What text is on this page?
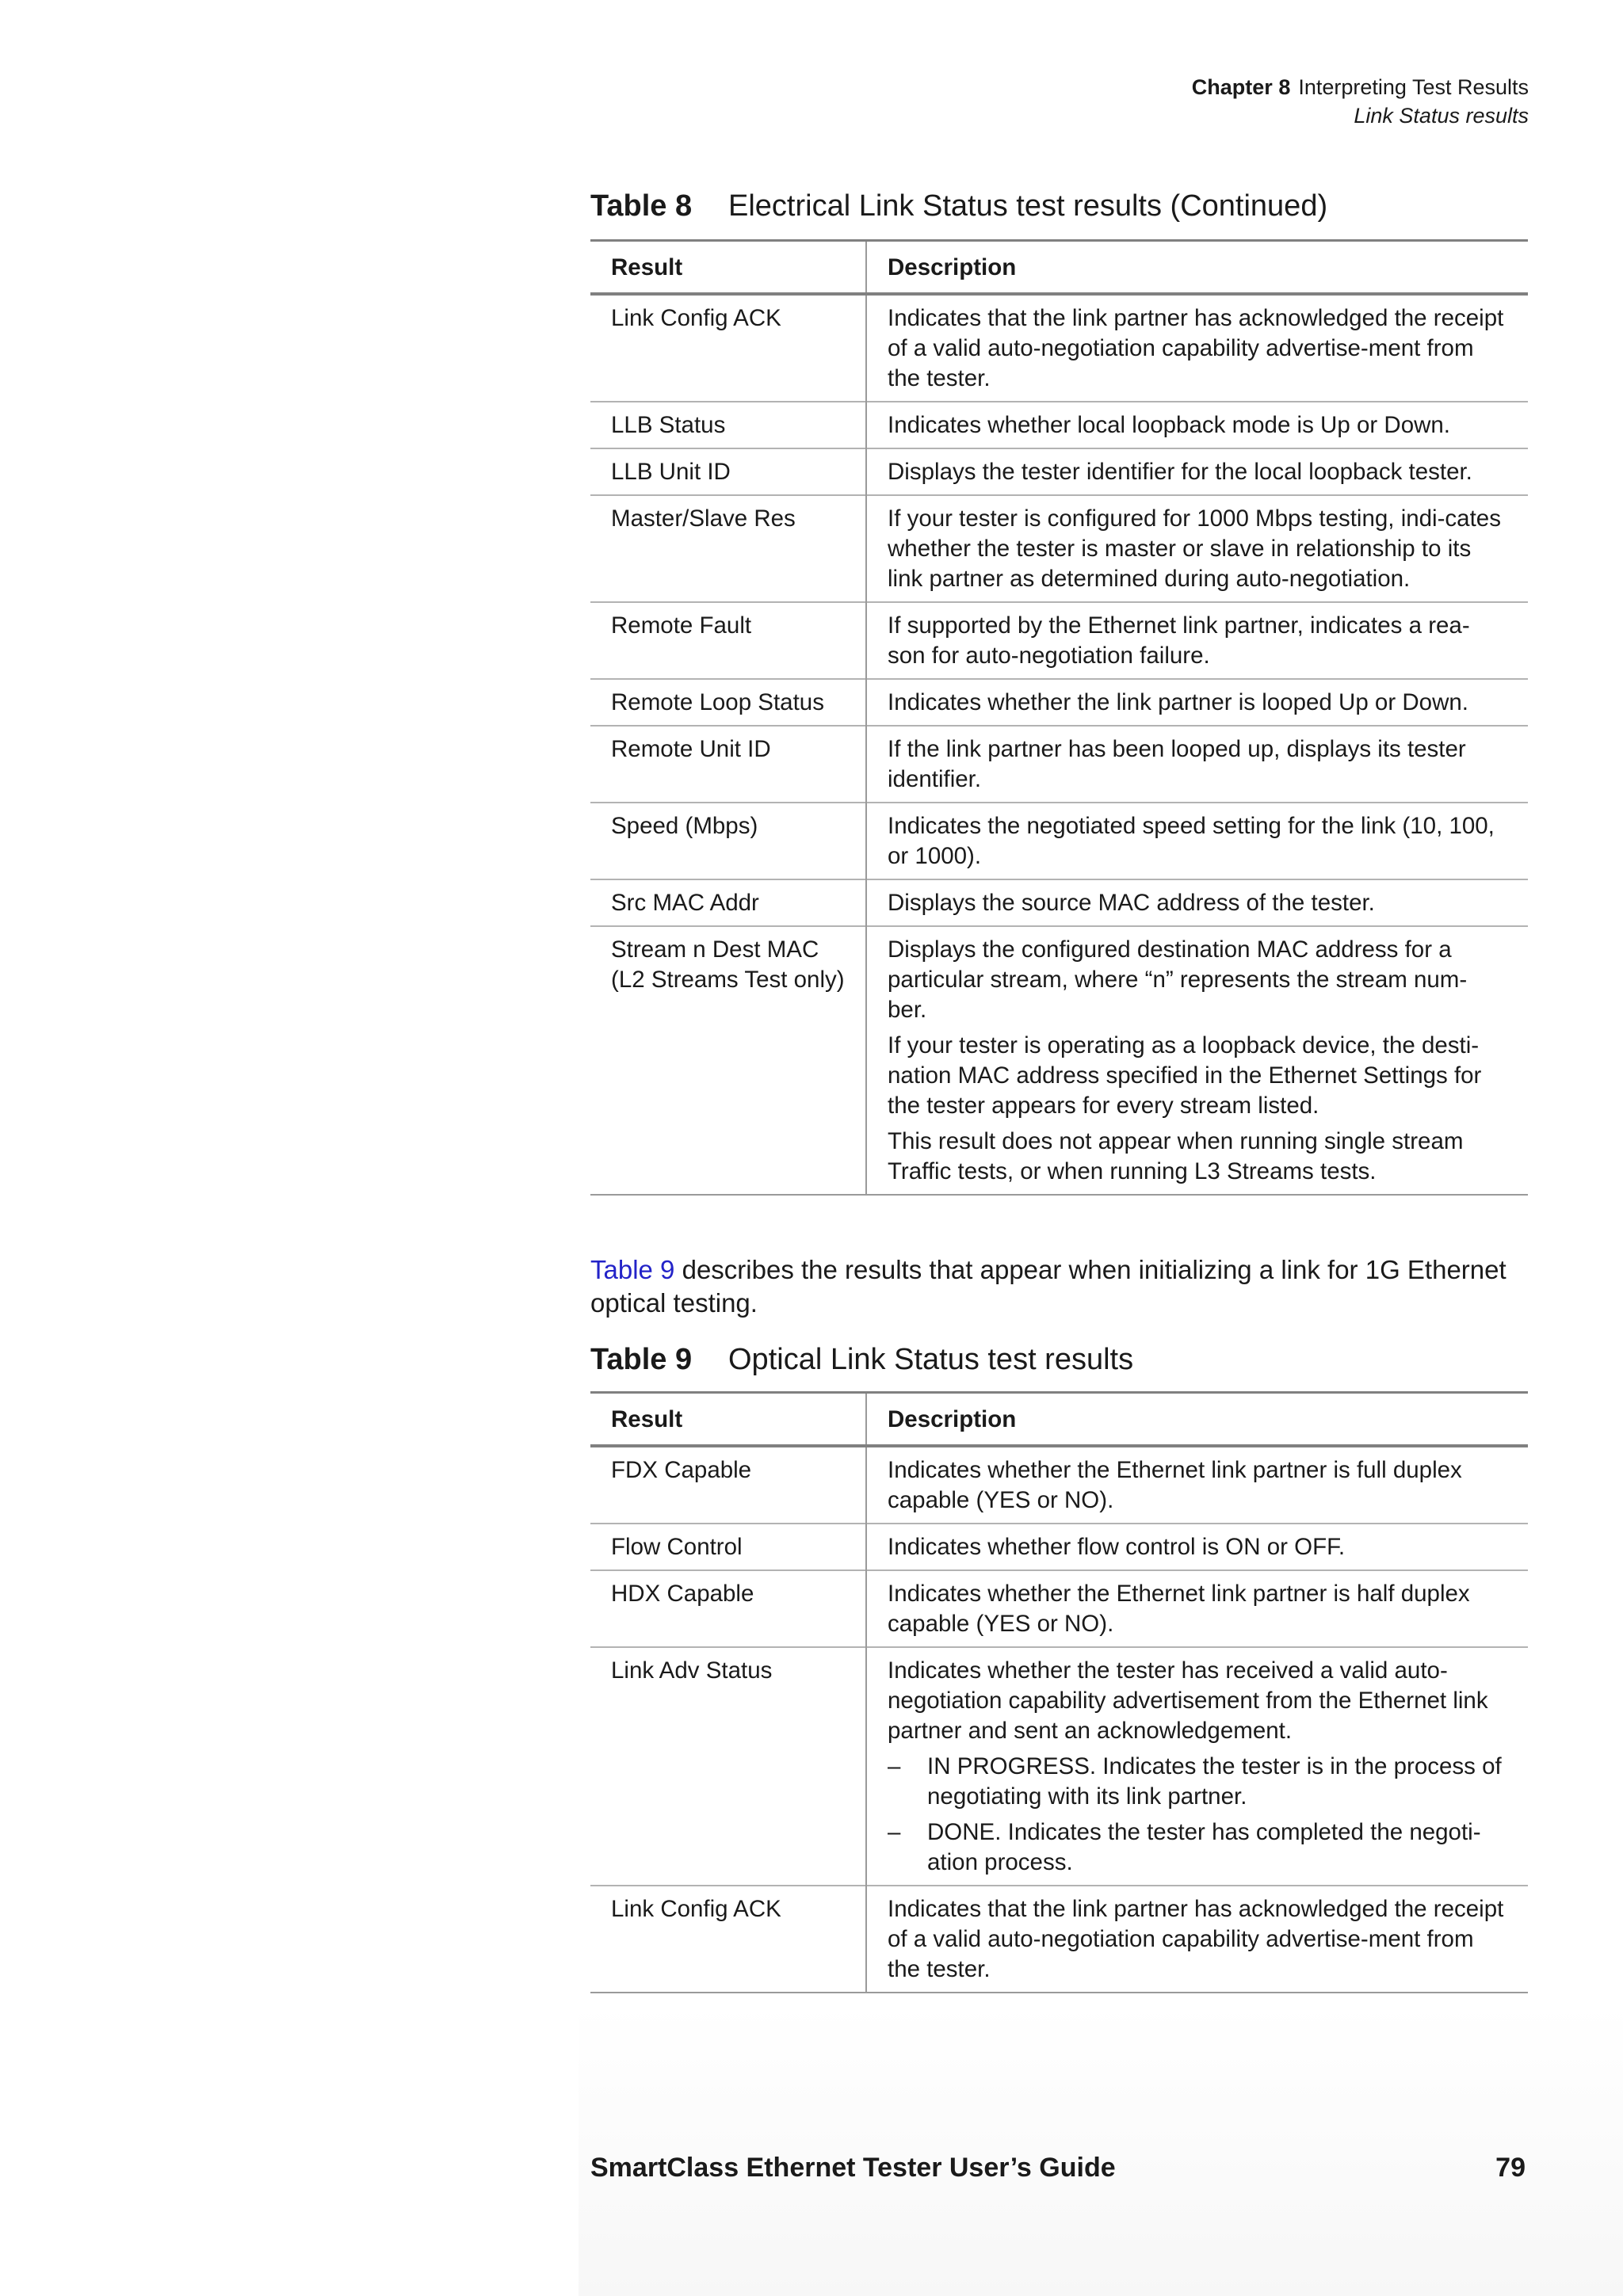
Chapter 8 Interpreting Test Results
Link Status results
Table 8 Electrical Link Status test results (Continued)
Result	Description
Link Config ACK	Indicates that the link partner has acknowledged the receipt of a valid auto-negotiation capability advertise-ment from the tester.

LLB Status	Indicates whether local loopback mode is Up or Down.

LLB Unit ID	Displays the tester identifier for the local loopback tester.

Master/Slave Res	If your tester is configured for 1000 Mbps testing, indi-cates whether the tester is master or slave in relationship to its link partner as determined during auto-negotiation.

Remote Fault	If supported by the Ethernet link partner, indicates a rea-son for auto-negotiation failure.

Remote Loop Status	Indicates whether the link partner is looped Up or Down.

Remote Unit ID	If the link partner has been looped up, displays its tester identifier.

Speed (Mbps)	Indicates the negotiated speed setting for the link (10, 100, or 1000).

Src MAC Addr	Displays the source MAC address of the tester.

Stream n Dest MAC (L2 Streams Test only)	Displays the configured destination MAC address for a particular stream, where “n” represents the stream num-ber.
If your tester is operating as a loopback device, the desti-nation MAC address specified in the Ethernet Settings for the tester appears for every stream listed.
This result does not appear when running single stream Traffic tests, or when running L3 Streams tests.
Table 9 describes the results that appear when initializing a link for 1G Ethernet optical testing.
Table 9 Optical Link Status test results
Result	Description
FDX Capable	Indicates whether the Ethernet link partner is full duplex capable (YES or NO).

Flow Control	Indicates whether flow control is ON or OFF.

HDX Capable	Indicates whether the Ethernet link partner is half duplex capable (YES or NO).

Link Adv Status	Indicates whether the tester has received a valid auto-negotiation capability advertisement from the Ethernet link partner and sent an acknowledgement.
– IN PROGRESS. Indicates the tester is in the process of negotiating with its link partner.
– DONE. Indicates the tester has completed the negoti-ation process.

Link Config ACK	Indicates that the link partner has acknowledged the receipt of a valid auto-negotiation capability advertise-ment from the tester.
SmartClass Ethernet Tester User’s Guide	79
